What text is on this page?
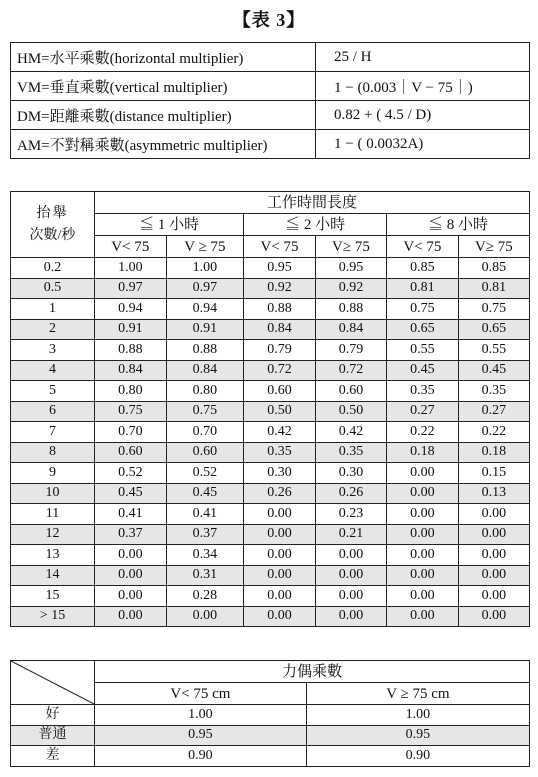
【表 3】
HM=水平乘數(horizontal multiplier)	25 / H
VM=垂直乘數(vertical multiplier)	1 − (0.003｜V − 75｜)
DM=距離乘數(distance multiplier)	0.82 + ( 4.5 / D)
AM=不對稱乘數(asymmetric multiplier)	1 − ( 0.0032A)
抬舉
次數/秒	工作時間長度					
	≦ 1 小時		≦ 2 小時		≦ 8 小時	
	V< 75	V ≥ 75	V< 75	V≥ 75	V< 75	V≥ 75
0.2	1.00	1.00	0.95	0.95	0.85	0.85
0.5	0.97	0.97	0.92	0.92	0.81	0.81
1	0.94	0.94	0.88	0.88	0.75	0.75
2	0.91	0.91	0.84	0.84	0.65	0.65
3	0.88	0.88	0.79	0.79	0.55	0.55
4	0.84	0.84	0.72	0.72	0.45	0.45
5	0.80	0.80	0.60	0.60	0.35	0.35
6	0.75	0.75	0.50	0.50	0.27	0.27
7	0.70	0.70	0.42	0.42	0.22	0.22
8	0.60	0.60	0.35	0.35	0.18	0.18
9	0.52	0.52	0.30	0.30	0.00	0.15
10	0.45	0.45	0.26	0.26	0.00	0.13
11	0.41	0.41	0.00	0.23	0.00	0.00
12	0.37	0.37	0.00	0.21	0.00	0.00
13	0.00	0.34	0.00	0.00	0.00	0.00
14	0.00	0.31	0.00	0.00	0.00	0.00
15	0.00	0.28	0.00	0.00	0.00	0.00
> 15	0.00	0.00	0.00	0.00	0.00	0.00
	力偶乘數	
	V< 75 cm	V ≥ 75 cm
好	1.00	1.00
普通	0.95	0.95
差	0.90	0.90
